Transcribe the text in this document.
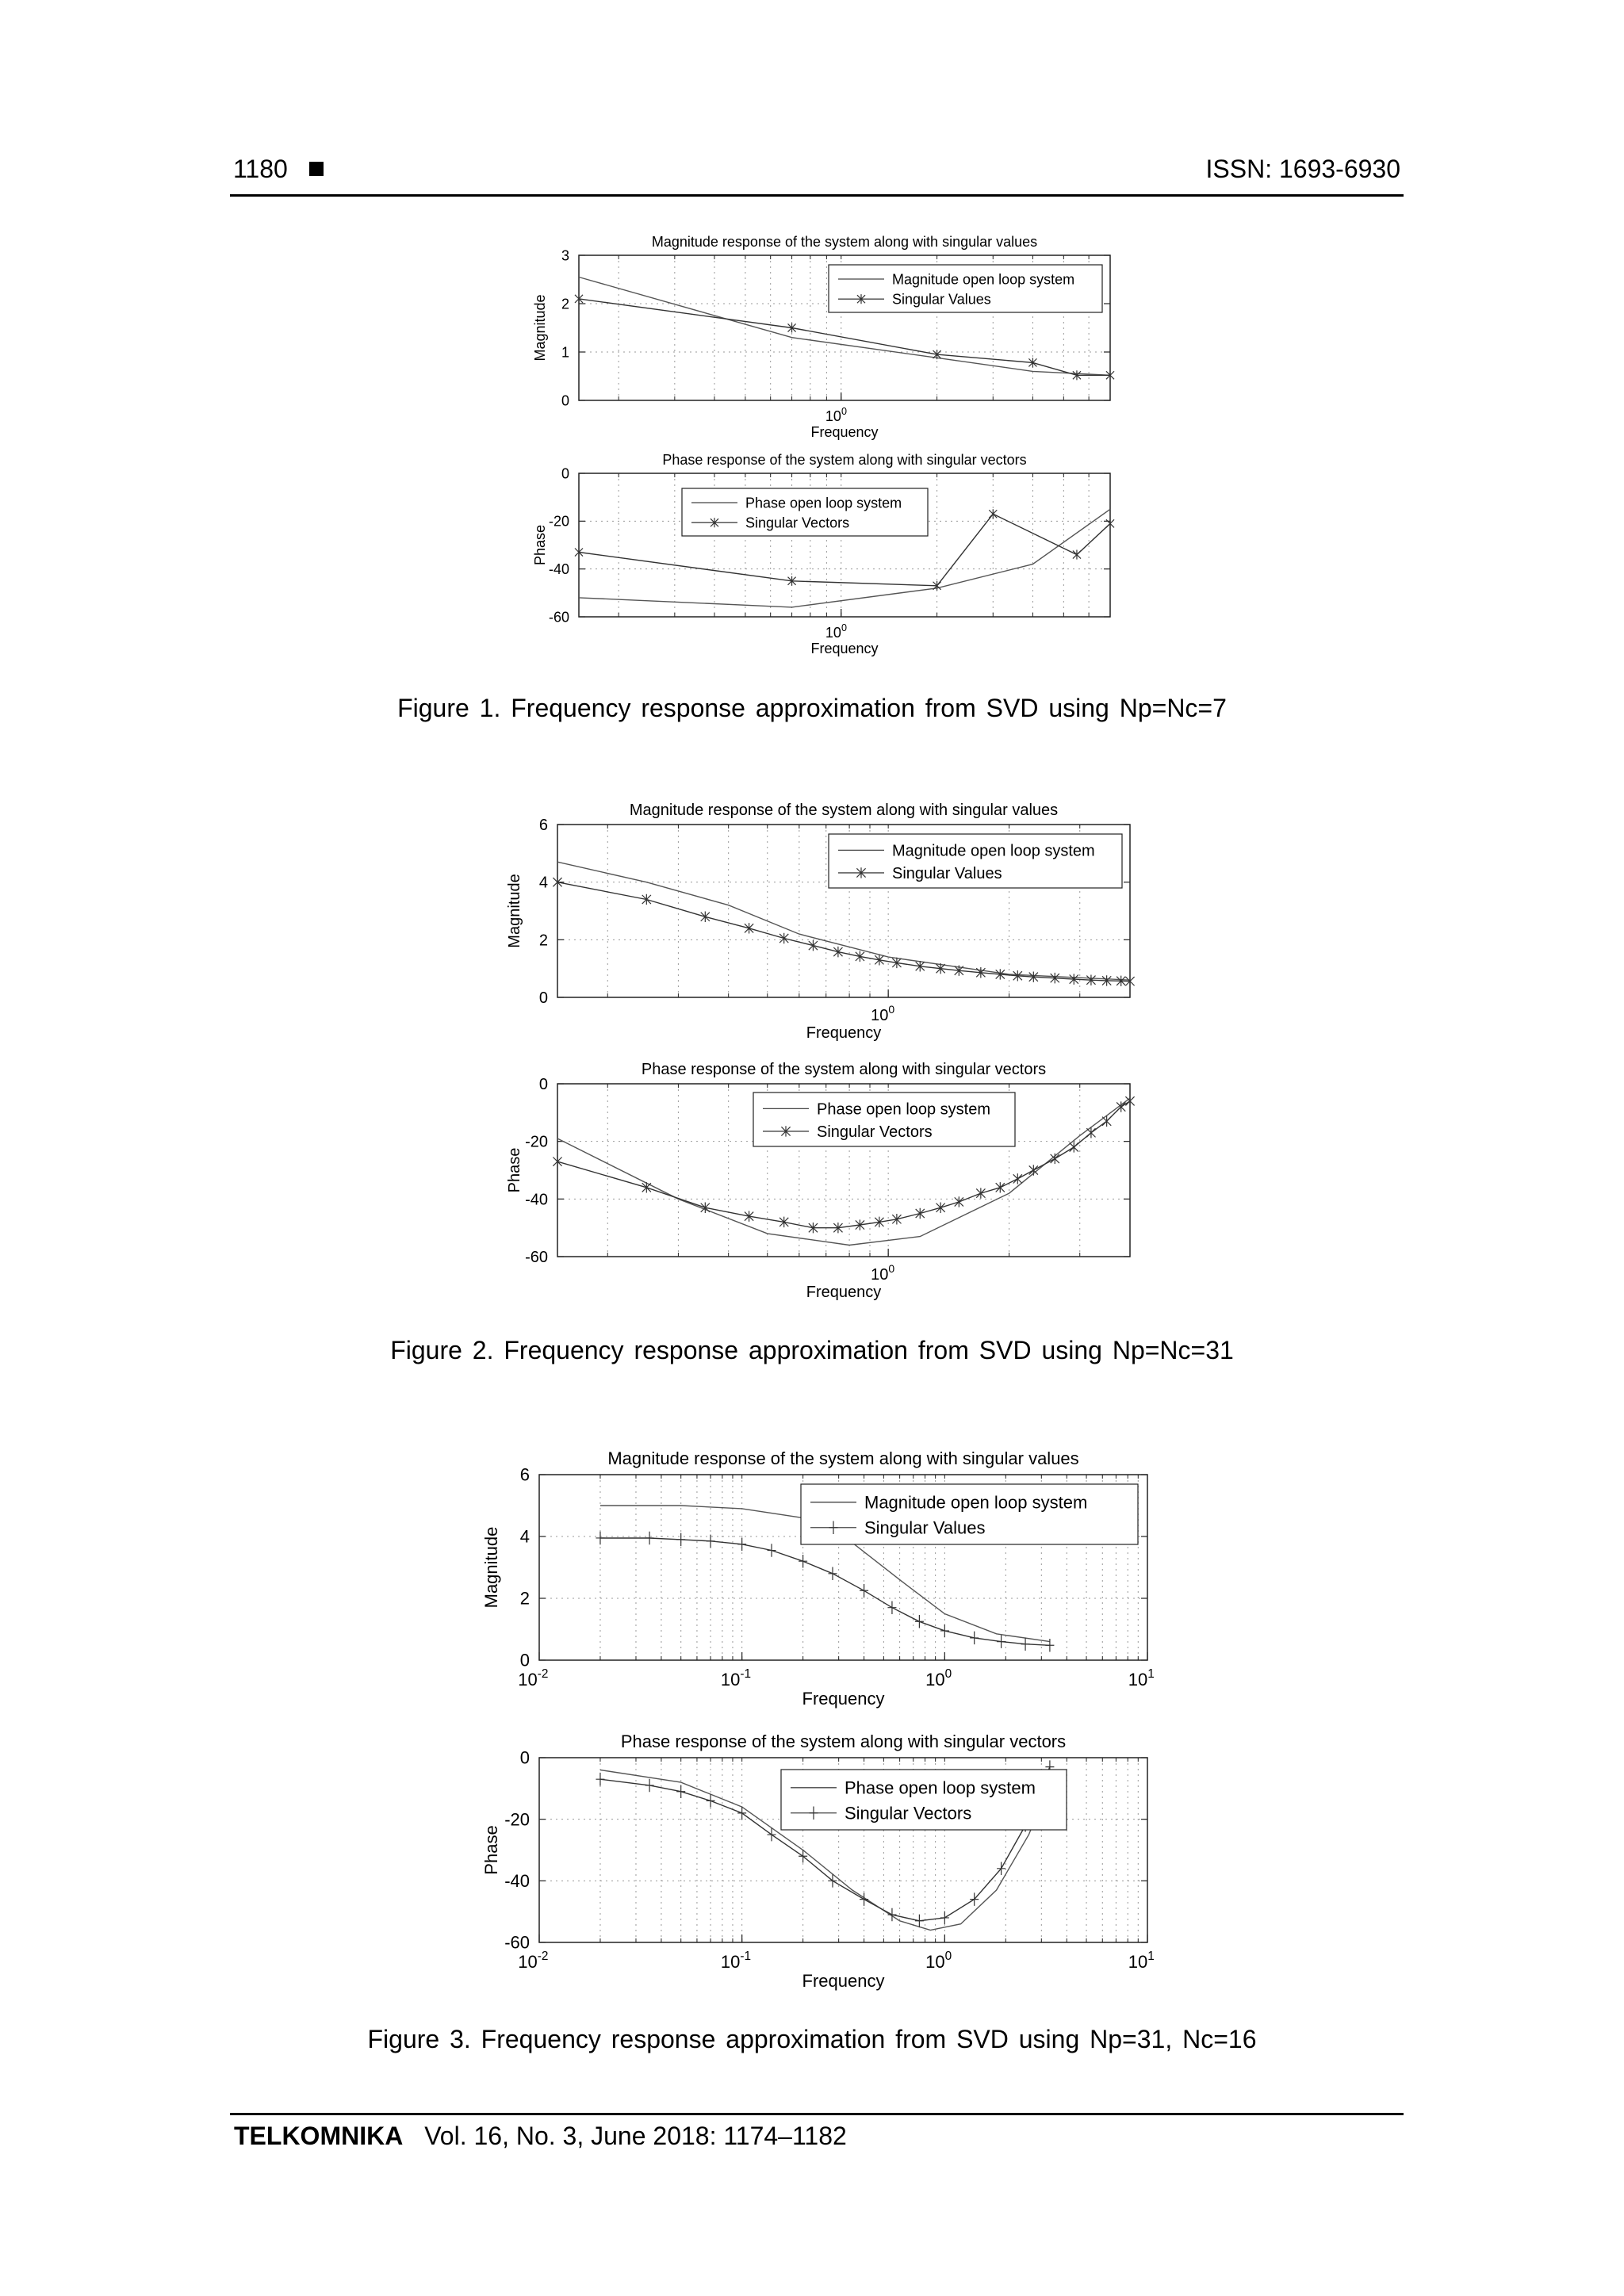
1180	ISSN: 1693-6930
0
1
2
3
$10^0$
Magnitude response of the system along with singular values
Frequency
Magnitude
Magnitude open loop system
Singular Values
0
-20
-40
-60
$10^0$
Phase response of the system along with singular vectors
Frequency
Phase
Phase open loop system
Singular Vectors
0
2
4
6
$10^0$
Magnitude response of the system along with singular values
Frequency
Magnitude
Magnitude open loop system
Singular Values
0
-20
-40
-60
$10^0$
Phase response of the system along with singular vectors
Frequency
Phase
Phase open loop system
Singular Vectors
0
2
4
6
$10^{-2}$	$10^{-1}$	$10^0$	$10^1$
Magnitude response of the system along with singular values
Frequency
Magnitude
Magnitude open loop system
Singular Values
0
-20
-40
-60
$10^{-2}$	$10^{-1}$	$10^0$	$10^1$
Phase response of the system along with singular vectors
Frequency
Phase
Phase open loop system
Singular Vectors
Figure 1. Frequency response approximation from SVD using Np=Nc=7
Figure 2. Frequency response approximation from SVD using Np=Nc=31
Figure 3. Frequency response approximation from SVD using Np=31, Nc=16
TELKOMNIKA Vol. 16, No. 3, June 2018: 1174–1182
